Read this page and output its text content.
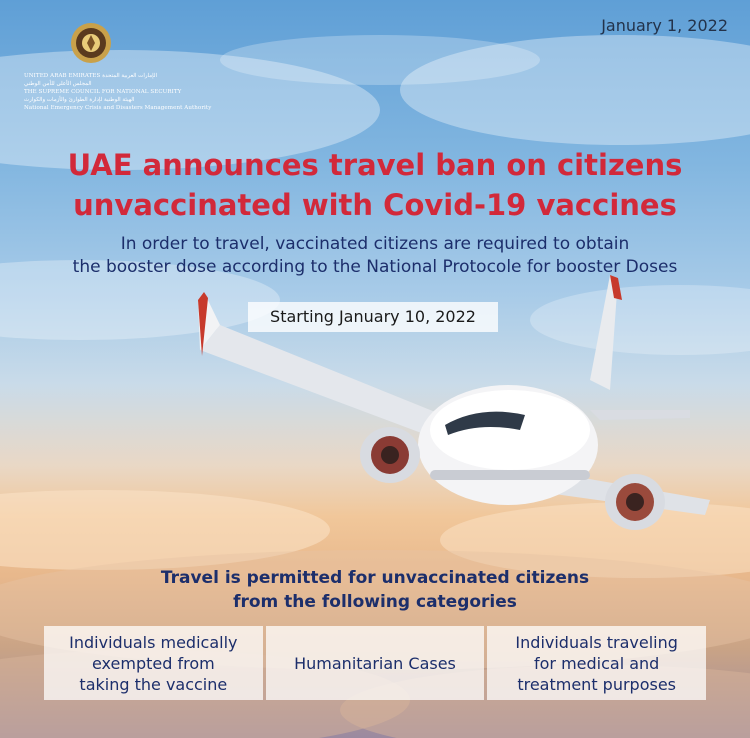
January 1, 2022
UNITED ARAB EMIRATES الإمارات العربية المتحدة
المجلس الأعلى للأمن الوطني
THE SUPREME COUNCIL FOR NATIONAL SECURITY
الهيئة الوطنية لإدارة الطوارئ والأزمات والكوارث
National Emergency Crisis and Disasters Management Authority
UAE announces travel ban on citizens
unvaccinated with Covid-19 vaccines
In order to travel, vaccinated citizens are required to obtain
the booster dose according to the National Protocole for booster Doses
Starting January 10, 2022
Travel is permitted for unvaccinated citizens
from the following categories
Individuals medically
exempted from
taking the vaccine
Humanitarian Cases
Individuals traveling
for medical and
treatment purposes
